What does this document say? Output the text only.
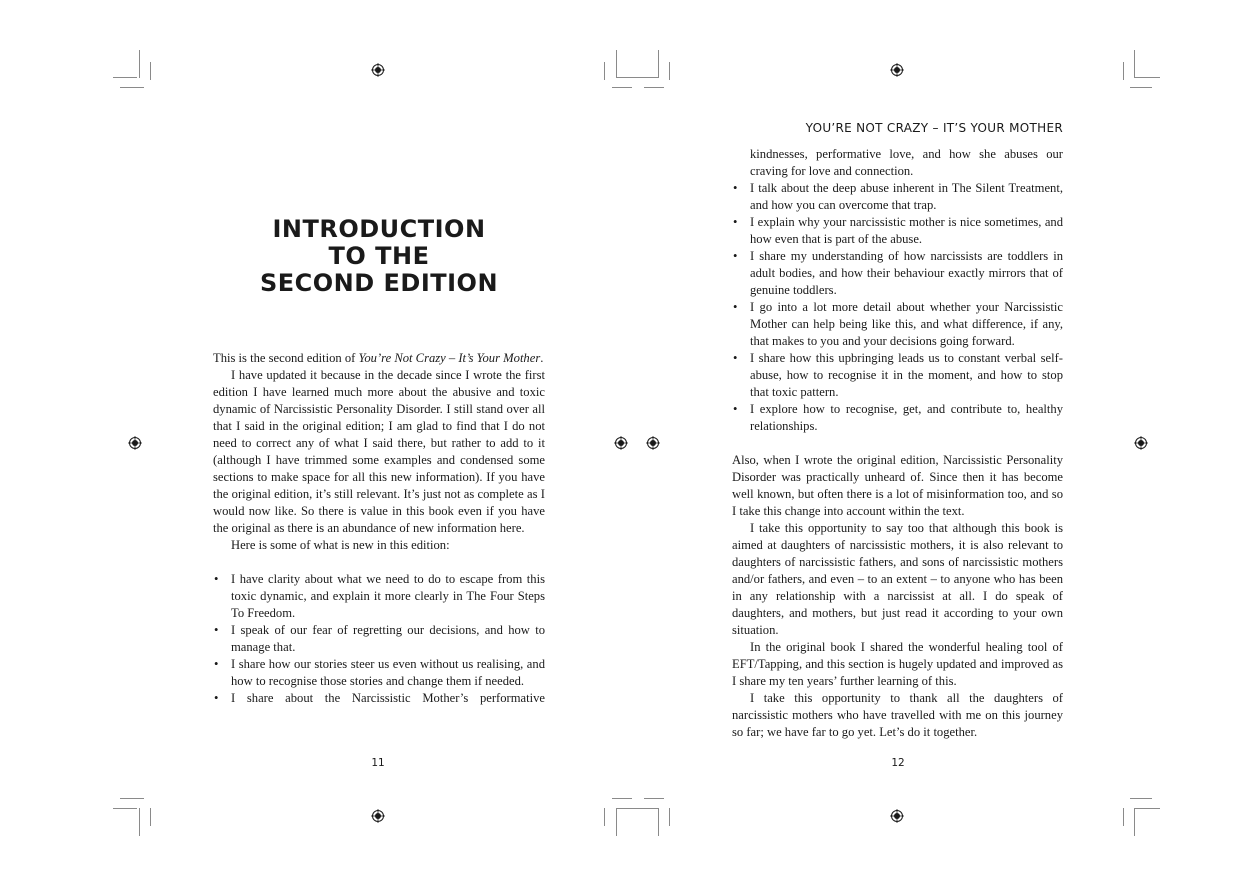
INTRODUCTION
TO THE
SECOND EDITION

This is the second edition of You’re Not Crazy – It’s Your Mother.

I have updated it because in the decade since I wrote the first edition I have learned much more about the abusive and toxic dynamic of Narcissistic Personality Disorder. I still stand over all that I said in the original edition; I am glad to find that I do not need to correct any of what I said there, but rather to add to it (although I have trimmed some examples and condensed some sections to make space for all this new information). If you have the original edition, it’s still relevant. It’s just not as complete as I would now like. So there is value in this book even if you have the original as there is an abundance of new information here.

Here is some of what is new in this edition:

• I have clarity about what we need to do to escape from this toxic dynamic, and explain it more clearly in The Four Steps To Freedom.
• I speak of our fear of regretting our decisions, and how to manage that.
• I share how our stories steer us even without us realising, and how to recognise those stories and change them if needed.
• I share about the Narcissistic Mother’s performative
11
YOU’RE NOT CRAZY – IT’S YOUR MOTHER

kindnesses, performative love, and how she abuses our craving for love and connection.

• I talk about the deep abuse inherent in The Silent Treatment, and how you can overcome that trap.
• I explain why your narcissistic mother is nice sometimes, and how even that is part of the abuse.
• I share my understanding of how narcissists are toddlers in adult bodies, and how their behaviour exactly mirrors that of genuine toddlers.
• I go into a lot more detail about whether your Narcissistic Mother can help being like this, and what difference, if any, that makes to you and your decisions going forward.
• I share how this upbringing leads us to constant verbal self-abuse, how to recognise it in the moment, and how to stop that toxic pattern.
• I explore how to recognise, get, and contribute to, healthy relationships.

Also, when I wrote the original edition, Narcissistic Personality Disorder was practically unheard of. Since then it has become well known, but often there is a lot of misinformation too, and so I take this change into account within the text.

I take this opportunity to say too that although this book is aimed at daughters of narcissistic mothers, it is also relevant to daughters of narcissistic fathers, and sons of narcissistic mothers and/or fathers, and even – to an extent – to anyone who has been in any relationship with a narcissist at all. I do speak of daughters, and mothers, but just read it according to your own situation.

In the original book I shared the wonderful healing tool of EFT/Tapping, and this section is hugely updated and improved as I share my ten years’ further learning of this.

I take this opportunity to thank all the daughters of narcissistic mothers who have travelled with me on this journey so far; we have far to go yet. Let’s do it together.

12
